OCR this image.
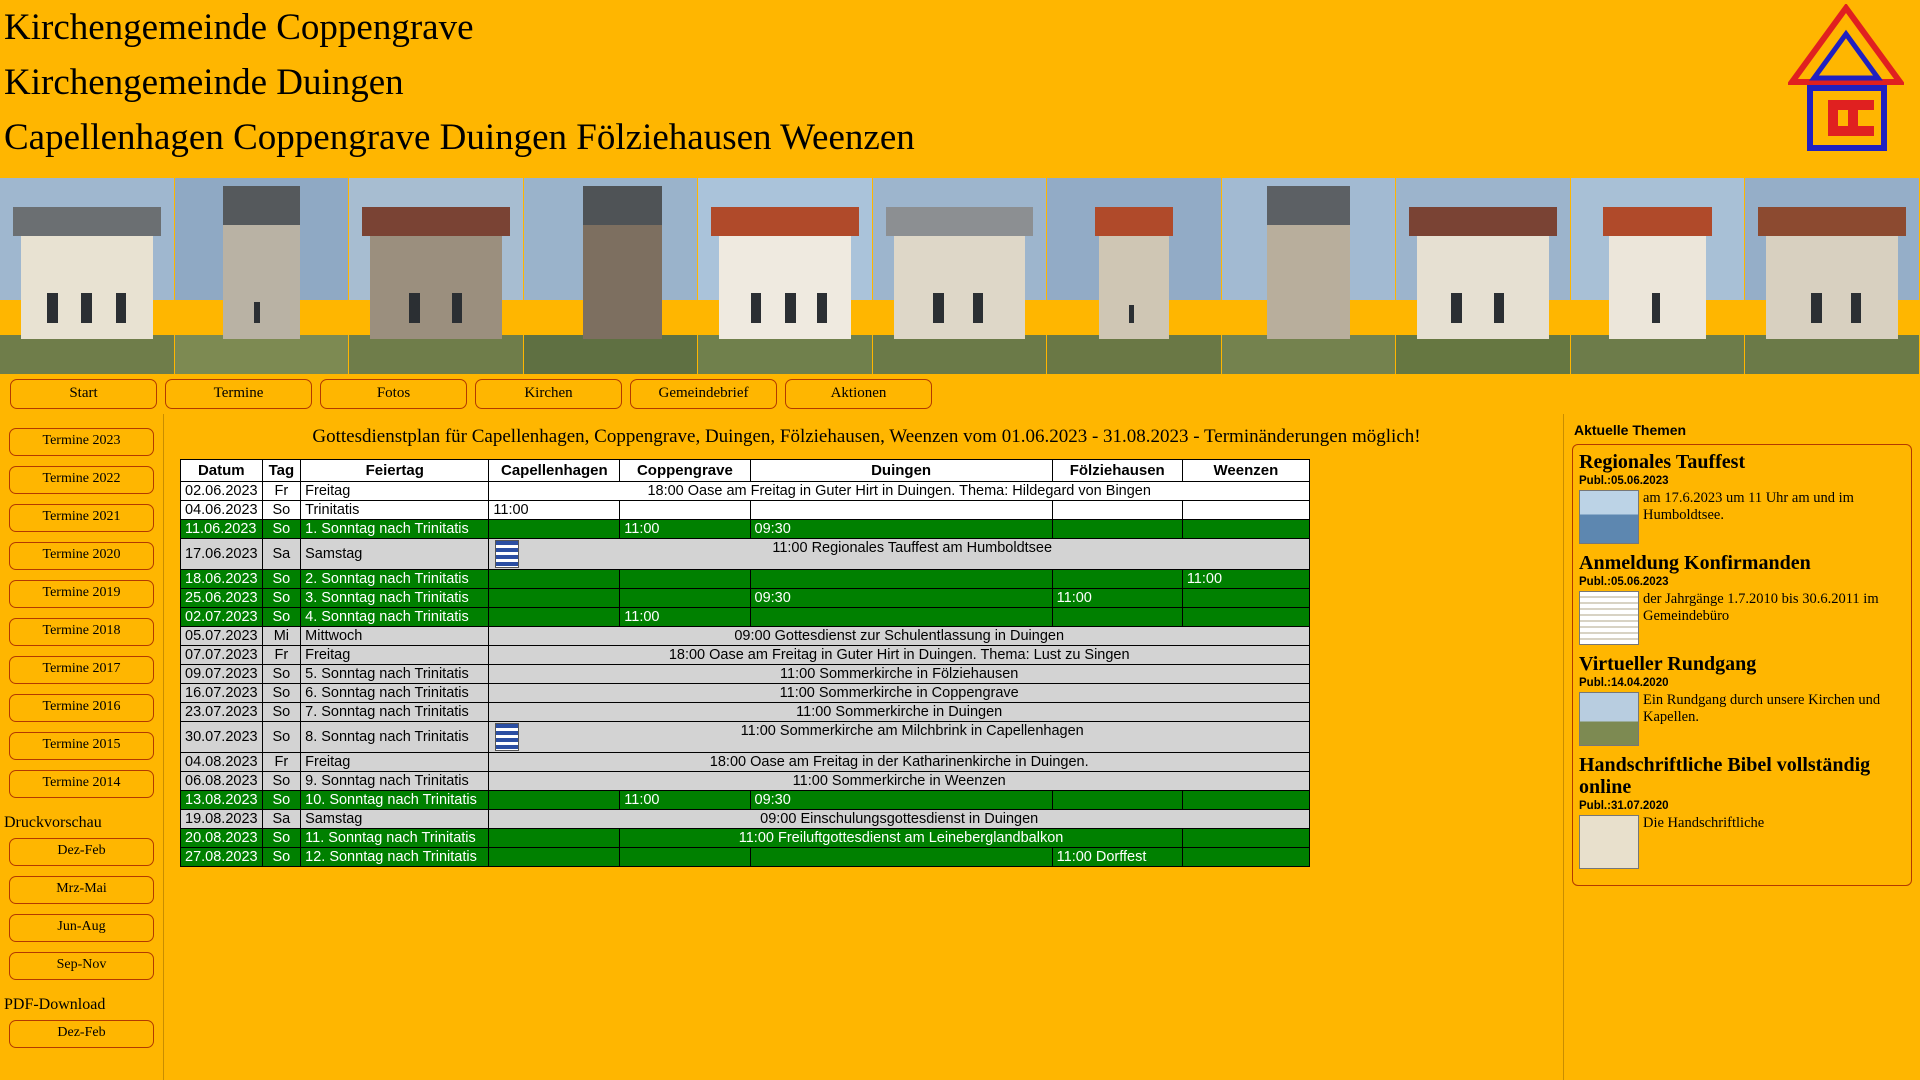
Kirchengemeinde Coppengrave
Kirchengemeinde Duingen
Capellenhagen Coppengrave Duingen Fölziehausen Weenzen
Start	Termine	Fotos	Kirchen	Gemeindebrief	Aktionen
Termine 2023
Termine 2022
Termine 2021
Termine 2020
Termine 2019
Termine 2018
Termine 2017
Termine 2016
Termine 2015
Termine 2014
Druckvorschau
Dez-Feb
Mrz-Mai
Jun-Aug
Sep-Nov
PDF-Download
Dez-Feb
Gottesdienstplan für Capellenhagen, Coppengrave, Duingen, Fölziehausen, Weenzen vom 01.06.2023 - 31.08.2023 - Terminänderungen möglich!
Datum	Tag	Feiertag	Capellenhagen	Coppengrave	Duingen	Fölziehausen	Weenzen
02.06.2023	Fr	Freitag	18:00 Oase am Freitag in Guter Hirt in Duingen. Thema: Hildegard von Bingen				
04.06.2023	So	Trinitatis	11:00				
11.06.2023	So	1. Sonntag nach Trinitatis		11:00	09:30		
17.06.2023	Sa	Samstag	11:00 Regionales Tauffest am Humboldtsee				
18.06.2023	So	2. Sonntag nach Trinitatis					11:00
25.06.2023	So	3. Sonntag nach Trinitatis			09:30	11:00	
02.07.2023	So	4. Sonntag nach Trinitatis		11:00			
05.07.2023	Mi	Mittwoch	09:00 Gottesdienst zur Schulentlassung in Duingen				
07.07.2023	Fr	Freitag	18:00 Oase am Freitag in Guter Hirt in Duingen. Thema: Lust zu Singen				
09.07.2023	So	5. Sonntag nach Trinitatis	11:00 Sommerkirche in Fölziehausen				
16.07.2023	So	6. Sonntag nach Trinitatis	11:00 Sommerkirche in Coppengrave				
23.07.2023	So	7. Sonntag nach Trinitatis	11:00 Sommerkirche in Duingen				
30.07.2023	So	8. Sonntag nach Trinitatis	11:00 Sommerkirche am Milchbrink in Capellenhagen				
04.08.2023	Fr	Freitag	18:00 Oase am Freitag in der Katharinenkirche in Duingen.				
06.08.2023	So	9. Sonntag nach Trinitatis	11:00 Sommerkirche in Weenzen				
13.08.2023	So	10. Sonntag nach Trinitatis		11:00	09:30		
19.08.2023	Sa	Samstag	09:00 Einschulungsgottesdienst in Duingen				
20.08.2023	So	11. Sonntag nach Trinitatis		11:00 Freiluftgottesdienst am Leineberglandbalkon			
27.08.2023	So	12. Sonntag nach Trinitatis				11:00 Dorffest	
Aktuelle Themen
Regionales Tauffest
Publ.:05.06.2023
am 17.6.2023 um 11 Uhr am und im Humboldtsee.
Anmeldung Konfirmanden
Publ.:05.06.2023
der Jahrgänge 1.7.2010 bis 30.6.2011 im Gemeindebüro
Virtueller Rundgang
Publ.:14.04.2020
Ein Rundgang durch unsere Kirchen und Kapellen.
Handschriftliche Bibel vollständig online
Publ.:31.07.2020
Die Handschriftliche
